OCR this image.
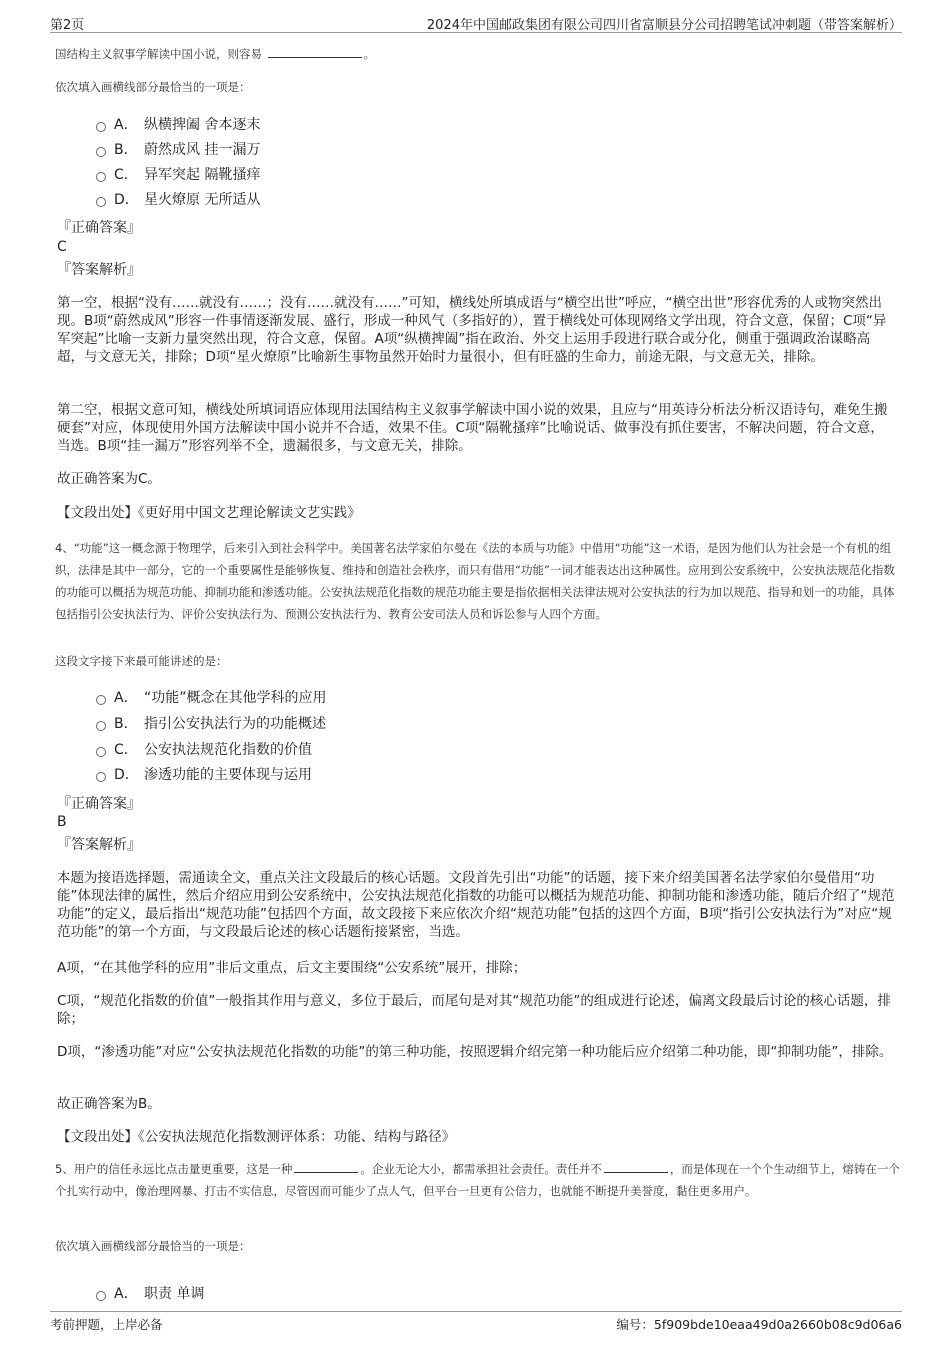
第2页	2024年中国邮政集团有限公司四川省富顺县分公司招聘笔试冲刺题（带答案解析）

国结构主义叙事学解读中国小说，则容易	。

依次填入画横线部分最恰当的一项是：

A． 纵横捭阖 舍本逐末
B． 蔚然成风 挂一漏万
C． 异军突起 隔靴搔痒
D． 星火燎原 无所适从
『正确答案』
C
『答案解析』

第一空，根据“没有……就没有……；没有……就没有……”可知，横线处所填成语与“横空出世”呼应，“横空出世”形容优秀的人或物突然出现。B项“蔚然成风”形容一件事情逐渐发展、盛行，形成一种风气（多指好的），置于横线处可体现网络文学出现，符合文意，保留；C项“异军突起”比喻一支新力量突然出现，符合文意，保留。A项“纵横捭阖”指在政治、外交上运用手段进行联合或分化，侧重于强调政治谋略高超，与文意无关，排除；D项“星火燎原”比喻新生事物虽然开始时力量很小，但有旺盛的生命力，前途无限，与文意无关，排除。

第二空，根据文意可知，横线处所填词语应体现用法国结构主义叙事学解读中国小说的效果，且应与“用英诗分析法分析汉语诗句，难免生搬硬套”对应，体现使用外国方法解读中国小说并不合适，效果不佳。C项“隔靴搔痒”比喻说话、做事没有抓住要害，不解决问题，符合文意，当选。B项“挂一漏万”形容列举不全，遗漏很多，与文意无关，排除。

故正确答案为C。

【文段出处】《更好用中国文艺理论解读文艺实践》

4、“功能”这一概念源于物理学，后来引入到社会科学中。美国著名法学家伯尔曼在《法的本质与功能》中借用“功能”这一术语，是因为他们认为社会是一个有机的组织，法律是其中一部分，它的一个重要属性是能够恢复、维持和创造社会秩序，而只有借用“功能”一词才能表达出这种属性。应用到公安系统中，公安执法规范化指数的功能可以概括为规范功能、抑制功能和渗透功能。公安执法规范化指数的规范功能主要是指依据相关法律法规对公安执法的行为加以规范、指导和划一的功能，具体包括指引公安执法行为、评价公安执法行为、预测公安执法行为、教育公安司法人员和诉讼参与人四个方面。

这段文字接下来最可能讲述的是：

A． “功能”概念在其他学科的应用
B． 指引公安执法行为的功能概述
C． 公安执法规范化指数的价值
D． 渗透功能的主要体现与运用
『正确答案』
B
『答案解析』

本题为接语选择题，需通读全文，重点关注文段最后的核心话题。文段首先引出“功能”的话题，接下来介绍美国著名法学家伯尔曼借用“功能”体现法律的属性，然后介绍应用到公安系统中，公安执法规范化指数的功能可以概括为规范功能、抑制功能和渗透功能，随后介绍了“规范功能”的定义，最后指出“规范功能”包括四个方面，故文段接下来应依次介绍“规范功能”包括的这四个方面，B项“指引公安执法行为”对应“规范功能”的第一个方面，与文段最后论述的核心话题衔接紧密，当选。

A项，“在其他学科的应用”非后文重点，后文主要围绕“公安系统”展开，排除；

C项，“规范化指数的价值”一般指其作用与意义，多位于最后，而尾句是对其“规范功能”的组成进行论述，偏离文段最后讨论的核心话题，排除；

D项，“渗透功能”对应“公安执法规范化指数的功能”的第三种功能，按照逻辑介绍完第一种功能后应介绍第二种功能，即“抑制功能”，排除。

故正确答案为B。

【文段出处】《公安执法规范化指数测评体系：功能、结构与路径》

5、用户的信任永远比点击量更重要，这是一种	。企业无论大小，都需承担社会责任。责任并不	，而是体现在一个个生动细节上，熔铸在一个个扎实行动中，像治理网暴、打击不实信息，尽管因而可能少了点人气，但平台一旦更有公信力，也就能不断提升美誉度，黏住更多用户。

依次填入画横线部分最恰当的一项是：

A． 职责 单调
考前押题，上岸必备	编号：5f909bde10eaa49d0a2660b08c9d06a6
